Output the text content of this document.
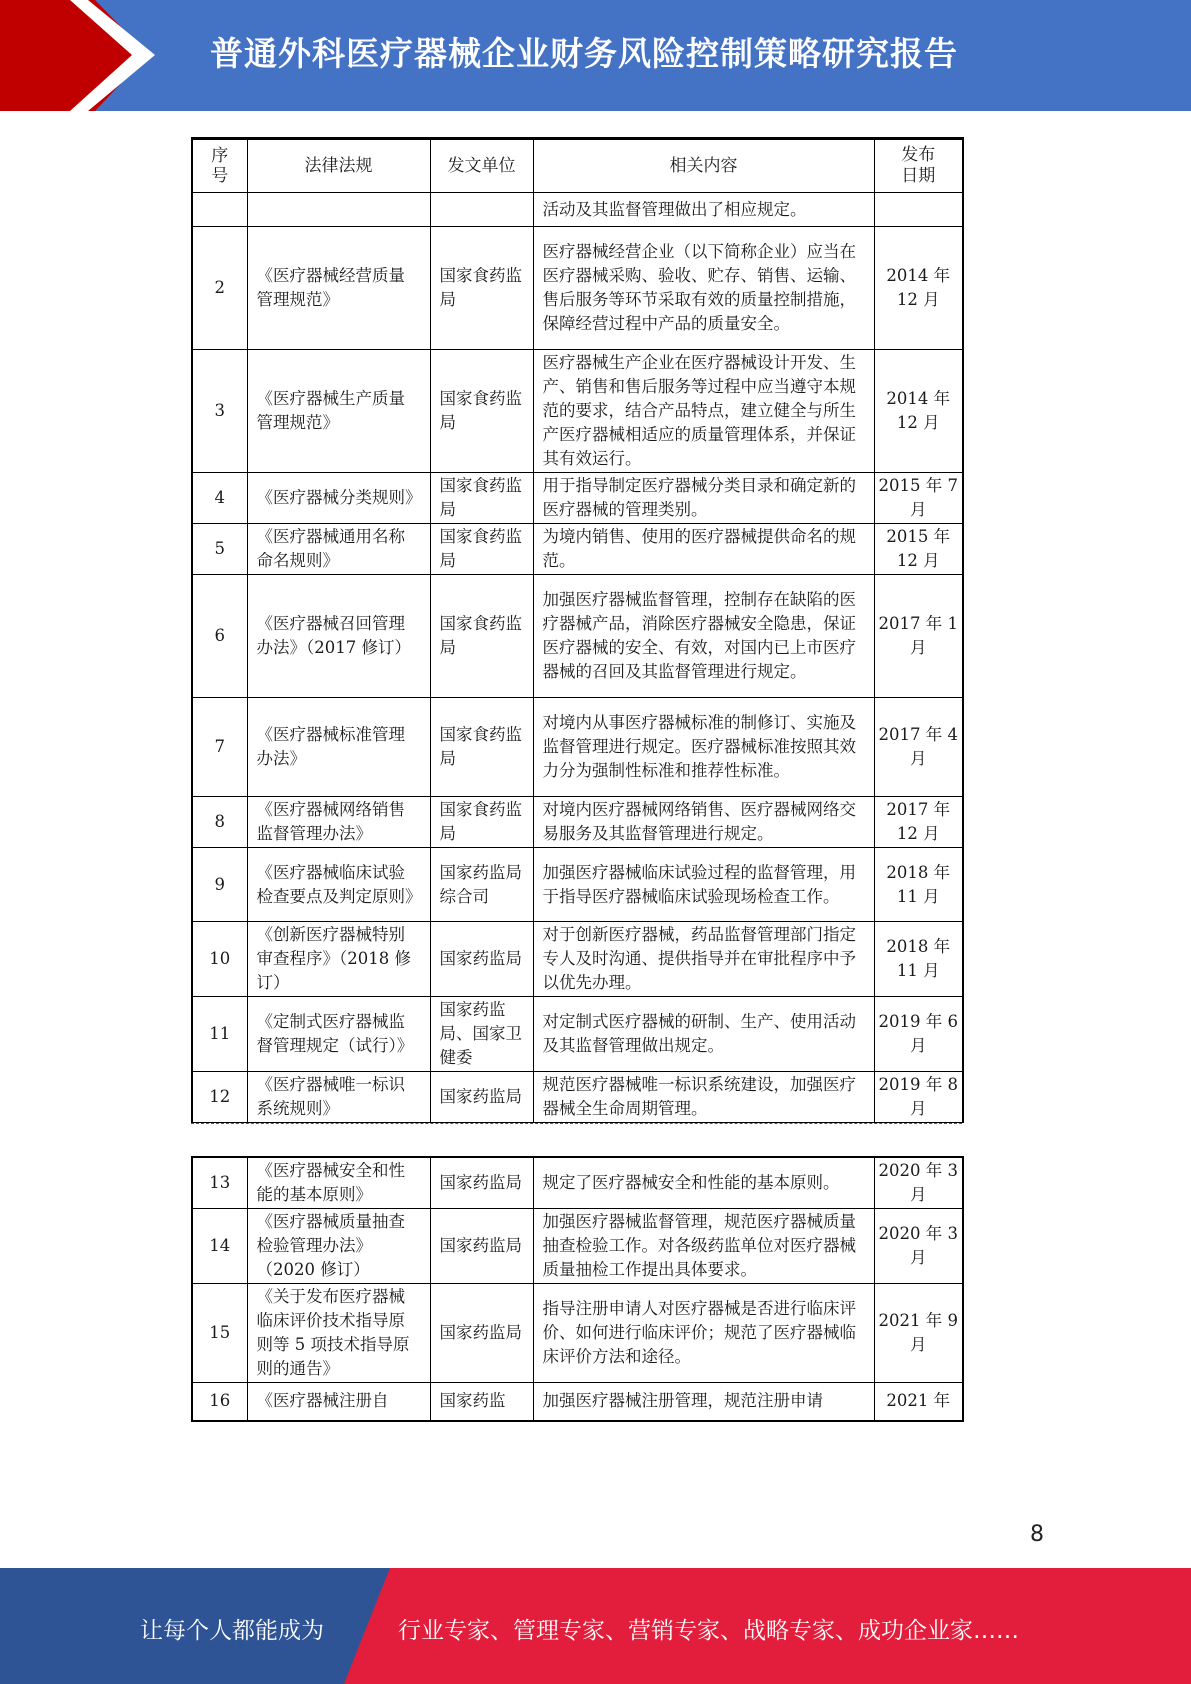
普通外科医疗器械企业财务风险控制策略研究报告
序号	法律法规	发文单位	相关内容	发布日期
			活动及其监督管理做出了相应规定。	
2	《医疗器械经营质量管理规范》	国家食药监局	医疗器械经营企业（以下简称企业）应当在医疗器械采购、验收、贮存、销售、运输、售后服务等环节采取有效的质量控制措施，保障经营过程中产品的质量安全。	2014 年 12 月
3	《医疗器械生产质量管理规范》	国家食药监局	医疗器械生产企业在医疗器械设计开发、生产、销售和售后服务等过程中应当遵守本规范的要求，结合产品特点，建立健全与所生产医疗器械相适应的质量管理体系，并保证其有效运行。	2014 年 12 月
4	《医疗器械分类规则》	国家食药监局	用于指导制定医疗器械分类目录和确定新的医疗器械的管理类别。	2015 年 7 月
5	《医疗器械通用名称命名规则》	国家食药监局	为境内销售、使用的医疗器械提供命名的规范。	2015 年 12 月
6	《医疗器械召回管理办法》（2017 修订）	国家食药监局	加强医疗器械监督管理，控制存在缺陷的医疗器械产品，消除医疗器械安全隐患，保证医疗器械的安全、有效，对国内已上市医疗器械的召回及其监督管理进行规定。	2017 年 1 月
7	《医疗器械标准管理办法》	国家食药监局	对境内从事医疗器械标准的制修订、实施及监督管理进行规定。医疗器械标准按照其效力分为强制性标准和推荐性标准。	2017 年 4 月
8	《医疗器械网络销售监督管理办法》	国家食药监局	对境内医疗器械网络销售、医疗器械网络交易服务及其监督管理进行规定。	2017 年 12 月
9	《医疗器械临床试验检查要点及判定原则》	国家药监局综合司	加强医疗器械临床试验过程的监督管理，用于指导医疗器械临床试验现场检查工作。	2018 年 11 月
10	《创新医疗器械特别审查程序》（2018 修订）	国家药监局	对于创新医疗器械，药品监督管理部门指定专人及时沟通、提供指导并在审批程序中予以优先办理。	2018 年 11 月
11	《定制式医疗器械监督管理规定（试行）》	国家药监局、国家卫健委	对定制式医疗器械的研制、生产、使用活动及其监督管理做出规定。	2019 年 6 月
12	《医疗器械唯一标识系统规则》	国家药监局	规范医疗器械唯一标识系统建设，加强医疗器械全生命周期管理。	2019 年 8 月
13	《医疗器械安全和性能的基本原则》	国家药监局	规定了医疗器械安全和性能的基本原则。	2020 年 3 月
14	《医疗器械质量抽查检验管理办法》（2020 修订）	国家药监局	加强医疗器械监督管理，规范医疗器械质量抽查检验工作。对各级药监单位对医疗器械质量抽检工作提出具体要求。	2020 年 3 月
15	《关于发布医疗器械临床评价技术指导原则等 5 项技术指导原则的通告》	国家药监局	指导注册申请人对医疗器械是否进行临床评价、如何进行临床评价；规范了医疗器械临床评价方法和途径。	2021 年 9 月
16	《医疗器械注册自	国家药监	加强医疗器械注册管理，规范注册申请	2021 年
8
让每个人都能成为	行业专家、管理专家、营销专家、战略专家、成功企业家……
